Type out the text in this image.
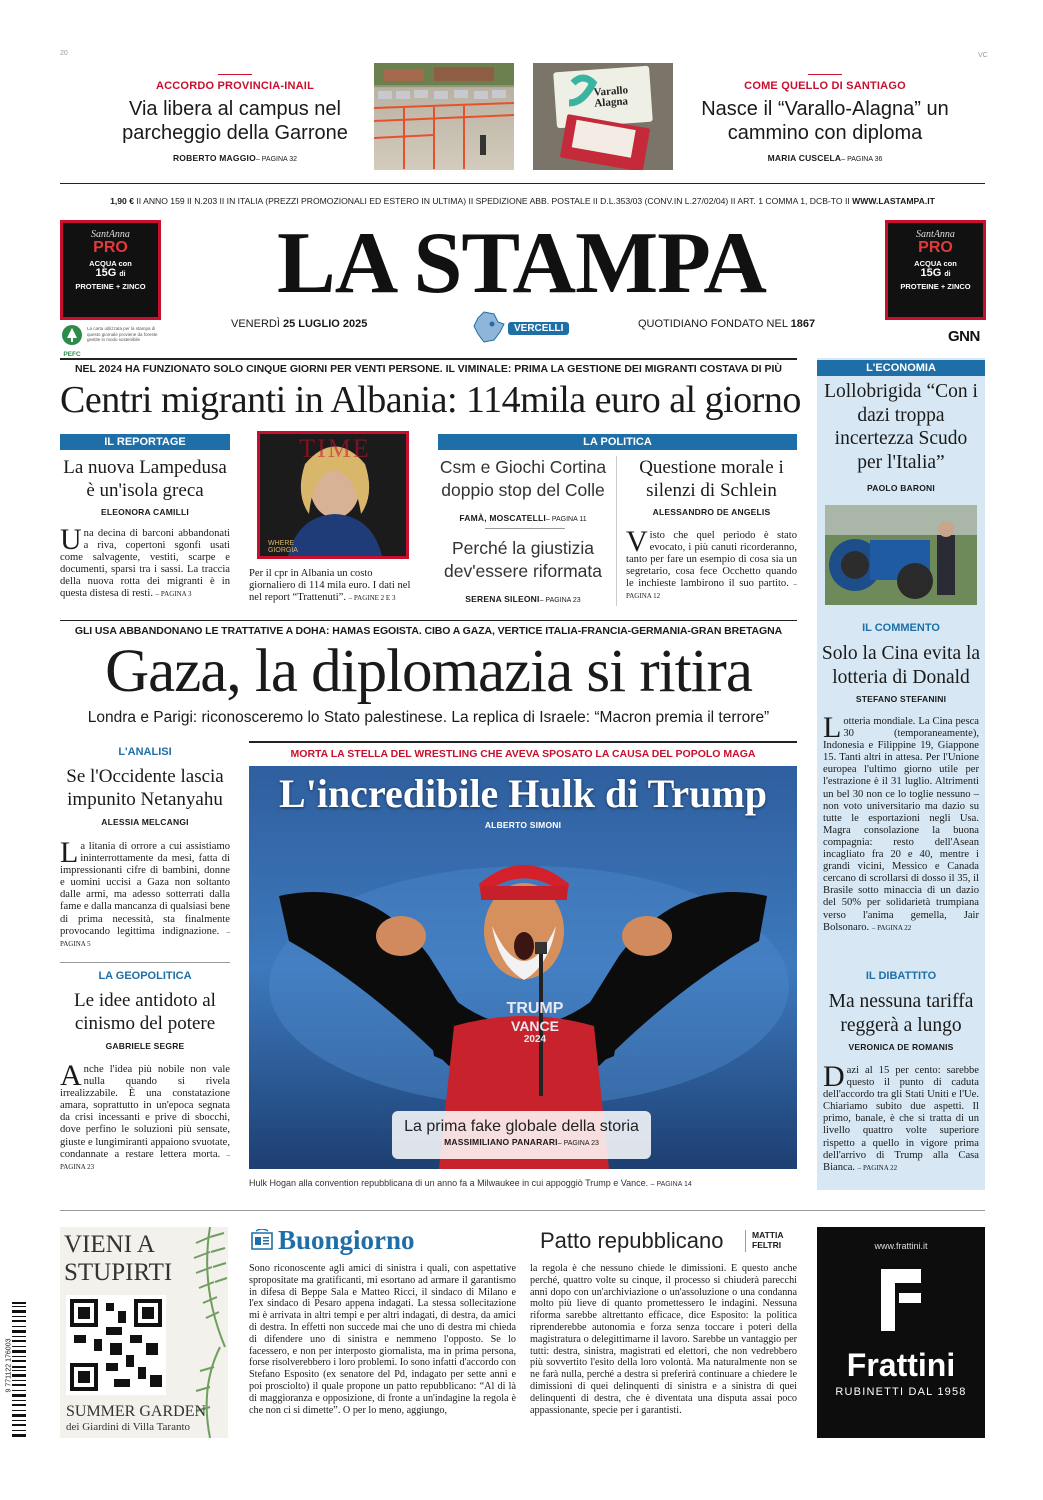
20	VC
ACCORDO PROVINCIA-INAIL
Via libera al campus nel parcheggio della Garrone
ROBERTO MAGGIO– PAGINA 32
Varallo Alagna
COME QUELLO DI SANTIAGO
Nasce il “Varallo-Alagna” un cammino con diploma
MARIA CUSCELA– PAGINA 36
1,90 € II ANNO 159 II N.203 II IN ITALIA (PREZZI PROMOZIONALI ED ESTERO IN ULTIMA) II SPEDIZIONE ABB. POSTALE II D.L.353/03 (CONV.IN L.27/02/04) II ART. 1 COMMA 1, DCB-TO II WWW.LASTAMPA.IT
SantAnna
PRO
ACQUA con
15G di
PROTEINE + ZINCO
SantAnna
PRO
ACQUA con
15G di
PROTEINE + ZINCO
LA STAMPA
VENERDÌ 25 LUGLIO 2025	VERCELLI	QUOTIDIANO FONDATO NEL 1867
GNN
PEFC
La carta utilizzata per la stampa di questo giornale proviene da foreste gestite in modo sostenibile
NEL 2024 HA FUNZIONATO SOLO CINQUE GIORNI PER VENTI PERSONE. IL VIMINALE: PRIMA LA GESTIONE DEI MIGRANTI COSTAVA DI PIÙ
Centri migranti in Albania: 114mila euro al giorno
IL REPORTAGE
La nuova Lampedusa è un'isola greca
ELEONORA CAMILLI
Una decina di barconi abbandonati a riva, copertoni sgonfi usati come salvagente, vestiti, scarpe e documenti, sparsi tra i sassi. La traccia della nuova rotta dei migranti è in questa distesa di resti. – PAGINA 3
TIME
WHERE GIORGIA
Per il cpr in Albania un costo giornaliero di 114 mila euro. I dati nel nel report “Trattenuti”. – PAGINE 2 E 3
LA POLITICA
Csm e Giochi Cortina doppio stop del Colle
FAMÀ, MOSCATELLI– PAGINA 11
Perché la giustizia dev'essere riformata
SERENA SILEONI– PAGINA 23
Questione morale i silenzi di Schlein
ALESSANDRO DE ANGELIS
Visto che quel periodo è stato evocato, i più canuti ricorderanno, tanto per fare un esempio di cosa sia un segretario, cosa fece Occhetto quando le inchieste lambirono il suo partito. – PAGINA 12
L'ECONOMIA
Lollobrigida “Con i dazi troppa incertezza Scudo per l'Italia”
PAOLO BARONI
IL COMMENTO
Solo la Cina evita la lotteria di Donald
STEFANO STEFANINI
Lotteria mondiale. La Cina pesca 30 (temporaneamente), Indonesia e Filippine 19, Giappone 15. Tanti altri in attesa. Per l'Unione europea l'ultimo giorno utile per l'estrazione è il 31 luglio. Altrimenti un bel 30 non ce lo toglie nessuno – non voto universitario ma dazio su tutte le esportazioni negli Usa. Magra consolazione la buona compagnia: resto dell'Asean incagliato fra 20 e 40, mentre i grandi vicini, Messico e Canada cercano di scrollarsi di dosso il 35, il Brasile sotto minaccia di un dazio del 50% per solidarietà trumpiana verso l'anima gemella, Jair Bolsonaro. – PAGINA 22
IL DIBATTITO
Ma nessuna tariffa reggerà a lungo
VERONICA DE ROMANIS
Dazi al 15 per cento: sarebbe questo il punto di caduta dell'accordo tra gli Stati Uniti e l'Ue. Chiariamo subito due aspetti. Il primo, banale, è che si tratta di un livello quattro volte superiore rispetto a quello in vigore prima dell'arrivo di Trump alla Casa Bianca. – PAGINA 22
GLI USA ABBANDONANO LE TRATTATIVE A DOHA: HAMAS EGOISTA. CIBO A GAZA, VERTICE ITALIA-FRANCIA-GERMANIA-GRAN BRETAGNA
Gaza, la diplomazia si ritira
Londra e Parigi: riconosceremo lo Stato palestinese. La replica di Israele: “Macron premia il terrore”
L'ANALISI
Se l'Occidente lascia impunito Netanyahu
ALESSIA MELCANGI
La litania di orrore a cui assistiamo ininterrottamente da mesi, fatta di impressionanti cifre di bambini, donne e uomini uccisi a Gaza non soltanto dalle armi, ma adesso sotterrati dalla fame e dalla mancanza di qualsiasi bene di prima necessità, sta finalmente provocando legittima indignazione. – PAGINA 5
LA GEOPOLITICA
Le idee antidoto al cinismo del potere
GABRIELE SEGRE
Anche l'idea più nobile non vale nulla quando si rivela irrealizzabile. È una constatazione amara, soprattutto in un'epoca segnata da crisi incessanti e prive di sbocchi, dove perfino le soluzioni più sensate, giuste e lungimiranti appaiono svuotate, condannate a restare lettera morta. – PAGINA 23
MORTA LA STELLA DEL WRESTLING CHE AVEVA SPOSATO LA CAUSA DEL POPOLO MAGA
L'incredibile Hulk di Trump
ALBERTO SIMONI
TRUMP
VANCE
2024
La prima fake globale della storia
MASSIMILIANO PANARARI– PAGINA 23
Hulk Hogan alla convention repubblicana di un anno fa a Milwaukee in cui appoggiò Trump e Vance. – PAGINA 14
VIENI A
STUPIRTI
SUMMER GARDEN
dei Giardini di Villa Taranto
9 771122 176003
Buongiorno	Patto repubblicano	MATTIA
FELTRI
Sono riconoscente agli amici di sinistra i quali, con aspettative spropositate ma gratificanti, mi esortano ad armare il garantismo in difesa di Beppe Sala e Matteo Ricci, il sindaco di Milano e l'ex sindaco di Pesaro appena indagati. La stessa sollecitazione mi è arrivata in altri tempi e per altri indagati, di destra, da amici di destra. In effetti non succede mai che uno di destra mi chieda di difendere uno di sinistra e nemmeno l'opposto. Se lo facessero, e non per interposto giornalista, ma in prima persona, forse risolverebbero i loro problemi. Io sono infatti d'accordo con Stefano Esposito (ex senatore del Pd, indagato per sette anni e poi prosciolto) il quale propone un patto repubblicano: “Al di là di maggioranza e opposizione, di fronte a un'indagine la regola è che non ci si dimette”. O per lo meno, aggiungo,
la regola è che nessuno chiede le dimissioni. E questo anche perché, quattro volte su cinque, il processo si chiuderà parecchi anni dopo con un'archiviazione o un'assoluzione o una condanna molto più lieve di quanto promettessero le indagini. Nessuna riforma sarebbe altrettanto efficace, dice Esposito: la politica riprenderebbe autonomia e forza senza toccare i poteri della magistratura o delegittimarne il lavoro. Sarebbe un vantaggio per tutti: destra, sinistra, magistrati ed elettori, che non vedrebbero più sovvertito l'esito della loro volontà. Ma naturalmente non se ne farà nulla, perché a destra si preferirà continuare a chiedere le dimissioni di quei delinquenti di sinistra e a sinistra di quei delinquenti di destra, che è diventata una disputa assai poco appassionante, specie per i garantisti.
www.frattini.it
Frattini
RUBINETTI DAL 1958
